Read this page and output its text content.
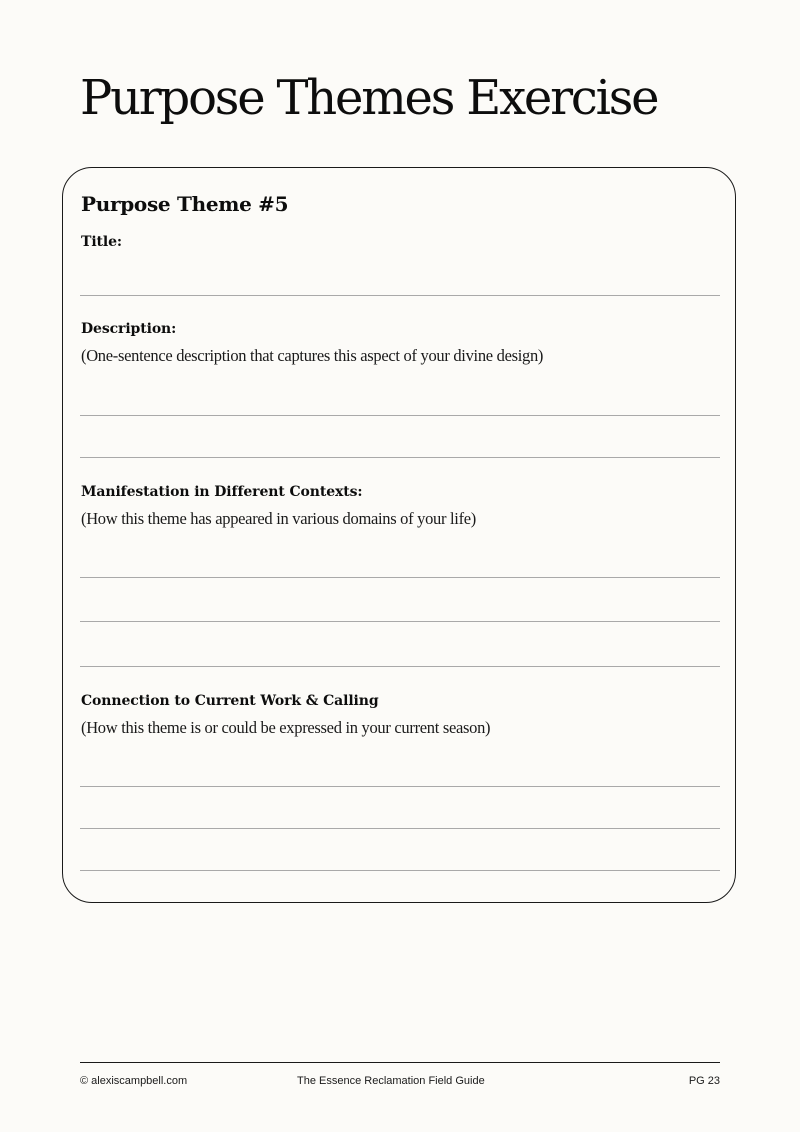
Purpose Themes Exercise
Purpose Theme #5
Title:
Description:
(One-sentence description that captures this aspect of your divine design)
Manifestation in Different Contexts:
(How this theme has appeared in various domains of your life)
Connection to Current Work & Calling
(How this theme is or could be expressed in your current season)
© alexiscampbell.com	The Essence Reclamation Field Guide	PG 23
